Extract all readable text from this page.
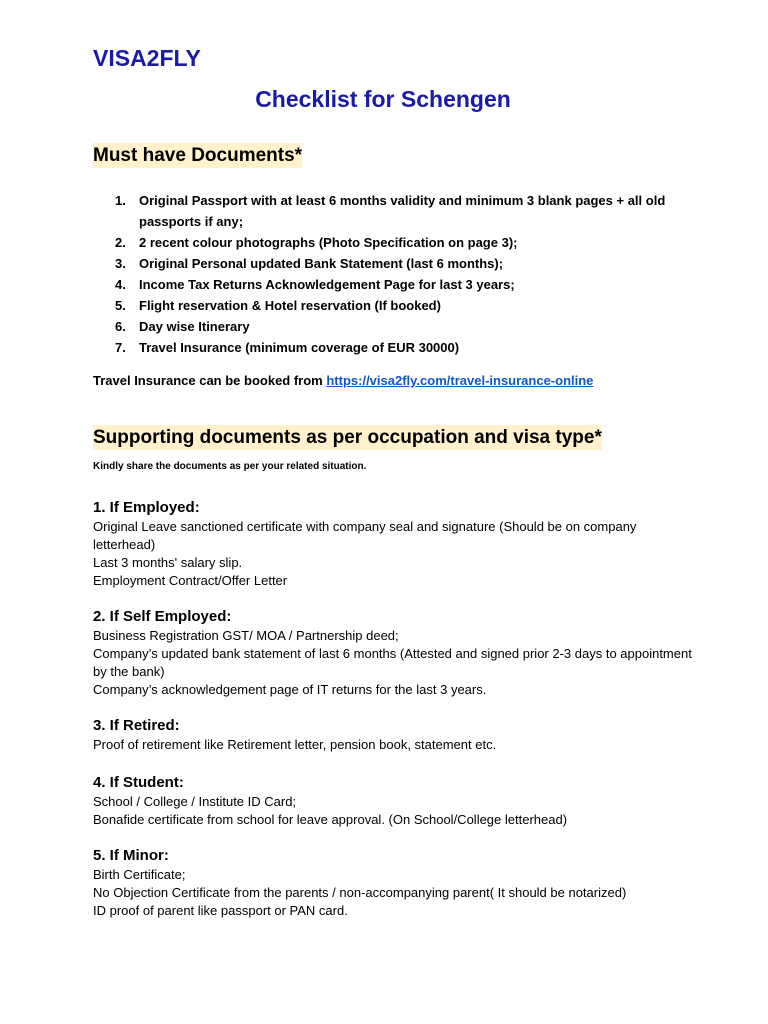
VISA2FLY
Checklist for Schengen
Must have Documents*
1. Original Passport with at least 6 months validity and minimum 3 blank pages + all old passports if any;
2. 2 recent colour photographs (Photo Specification on page 3);
3. Original Personal updated Bank Statement (last 6 months);
4. Income Tax Returns Acknowledgement Page for last 3 years;
5. Flight reservation & Hotel reservation (If booked)
6. Day wise Itinerary
7. Travel Insurance (minimum coverage of EUR 30000)

Travel Insurance can be booked from https://visa2fly.com/travel-insurance-online

Supporting documents as per occupation and visa type*

Kindly share the documents as per your related situation.

1. If Employed:

Original Leave sanctioned certificate with company seal and signature (Should be on company letterhead)

Last 3 months' salary slip.

Employment Contract/Offer Letter

2. If Self Employed:

Business Registration GST/ MOA / Partnership deed;

Company’s updated bank statement of last 6 months (Attested and signed prior 2-3 days to appointment by the bank)

Company’s acknowledgement page of IT returns for the last 3 years.

3. If Retired:

Proof of retirement like Retirement letter, pension book, statement etc.

4. If Student:

School / College / Institute ID Card;

Bonafide certificate from school for leave approval. (On School/College letterhead)

5. If Minor:

Birth Certificate;

No Objection Certificate from the parents / non-accompanying parent( It should be notarized)

ID proof of parent like passport or PAN card.
